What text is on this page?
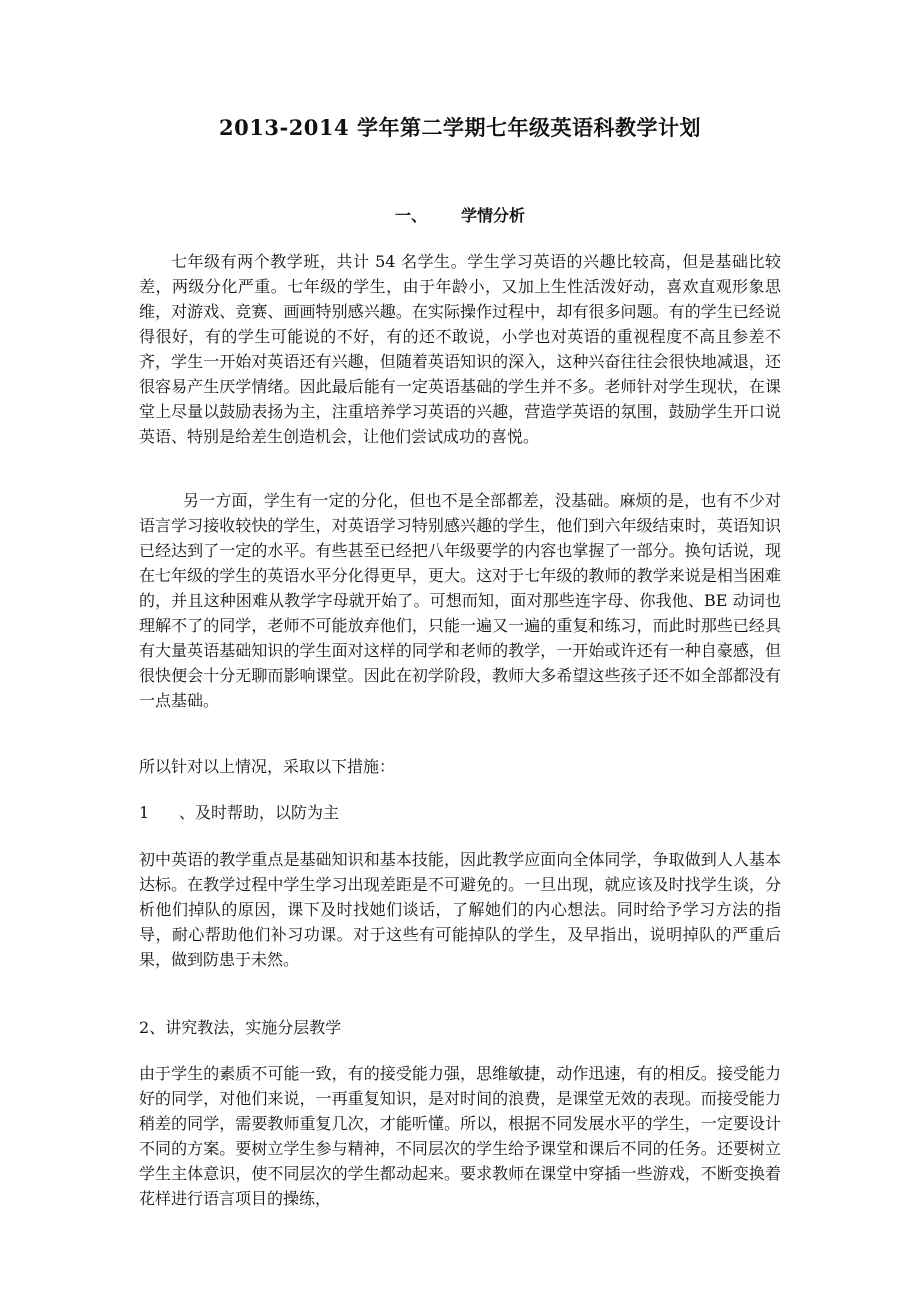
2013-2014 学年第二学期七年级英语科教学计划
一、 学情分析

七年级有两个教学班，共计 54 名学生。学生学习英语的兴趣比较高，但是基础比较差，两级分化严重。七年级的学生，由于年龄小，又加上生性活泼好动，喜欢直观形象思维，对游戏、竞赛、画画特别感兴趣。在实际操作过程中，却有很多问题。有的学生已经说得很好，有的学生可能说的不好，有的还不敢说，小学也对英语的重视程度不高且参差不齐，学生一开始对英语还有兴趣，但随着英语知识的深入，这种兴奋往往会很快地减退，还很容易产生厌学情绪。因此最后能有一定英语基础的学生并不多。老师针对学生现状，在课堂上尽量以鼓励表扬为主，注重培养学习英语的兴趣，营造学英语的氛围，鼓励学生开口说英语、特别是给差生创造机会，让他们尝试成功的喜悦。

另一方面，学生有一定的分化，但也不是全部都差，没基础。麻烦的是，也有不少对语言学习接收较快的学生，对英语学习特别感兴趣的学生，他们到六年级结束时，英语知识已经达到了一定的水平。有些甚至已经把八年级要学的内容也掌握了一部分。换句话说，现在七年级的学生的英语水平分化得更早，更大。这对于七年级的教师的教学来说是相当困难的，并且这种困难从教学字母就开始了。可想而知，面对那些连字母、你我他、BE 动词也理解不了的同学，老师不可能放弃他们，只能一遍又一遍的重复和练习，而此时那些已经具有大量英语基础知识的学生面对这样的同学和老师的教学，一开始或许还有一种自豪感，但很快便会十分无聊而影响课堂。因此在初学阶段，教师大多希望这些孩子还不如全部都没有一点基础。

所以针对以上情况，采取以下措施：

1 、及时帮助，以防为主

初中英语的教学重点是基础知识和基本技能，因此教学应面向全体同学，争取做到人人基本达标。在教学过程中学生学习出现差距是不可避免的。一旦出现，就应该及时找学生谈，分析他们掉队的原因，课下及时找她们谈话，了解她们的内心想法。同时给予学习方法的指导，耐心帮助他们补习功课。对于这些有可能掉队的学生，及早指出，说明掉队的严重后果，做到防患于未然。

2、讲究教法，实施分层教学

由于学生的素质不可能一致，有的接受能力强，思维敏捷，动作迅速，有的相反。接受能力好的同学，对他们来说，一再重复知识，是对时间的浪费，是课堂无效的表现。而接受能力稍差的同学，需要教师重复几次，才能听懂。所以，根据不同发展水平的学生，一定要设计不同的方案。要树立学生参与精神，不同层次的学生给予课堂和课后不同的任务。还要树立学生主体意识，使不同层次的学生都动起来。要求教师在课堂中穿插一些游戏，不断变换着花样进行语言项目的操练，
